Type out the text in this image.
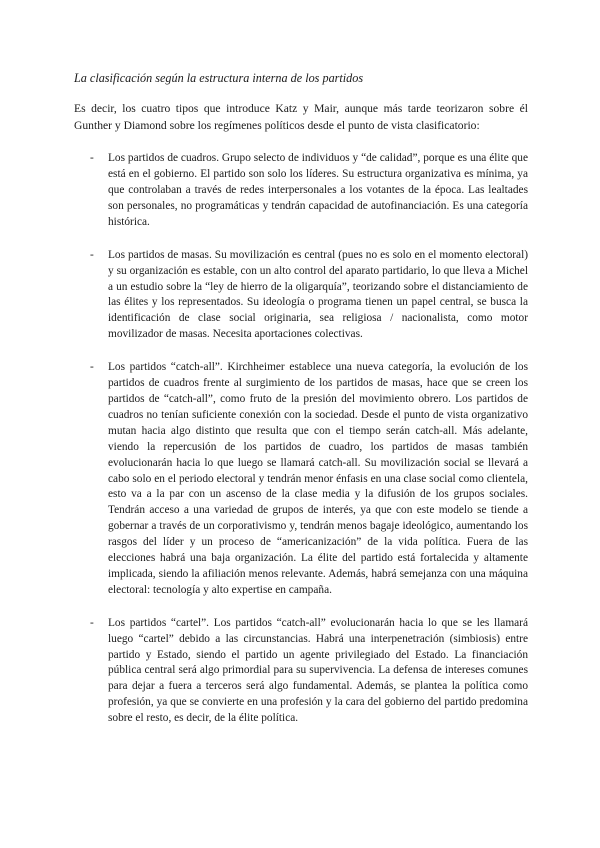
La clasificación según la estructura interna de los partidos

Es decir, los cuatro tipos que introduce Katz y Mair, aunque más tarde teorizaron sobre él Gunther y Diamond sobre los regímenes políticos desde el punto de vista clasificatorio:

- Los partidos de cuadros. Grupo selecto de individuos y “de calidad”, porque es una élite que está en el gobierno. El partido son solo los líderes. Su estructura organizativa es mínima, ya que controlaban a través de redes interpersonales a los votantes de la época. Las lealtades son personales, no programáticas y tendrán capacidad de autofinanciación. Es una categoría histórica.
- Los partidos de masas. Su movilización es central (pues no es solo en el momento electoral) y su organización es estable, con un alto control del aparato partidario, lo que lleva a Michel a un estudio sobre la “ley de hierro de la oligarquía”, teorizando sobre el distanciamiento de las élites y los representados. Su ideología o programa tienen un papel central, se busca la identificación de clase social originaria, sea religiosa / nacionalista, como motor movilizador de masas. Necesita aportaciones colectivas.
- Los partidos “catch-all”. Kirchheimer establece una nueva categoría, la evolución de los partidos de cuadros frente al surgimiento de los partidos de masas, hace que se creen los partidos de “catch-all”, como fruto de la presión del movimiento obrero. Los partidos de cuadros no tenían suficiente conexión con la sociedad. Desde el punto de vista organizativo mutan hacia algo distinto que resulta que con el tiempo serán catch-all. Más adelante, viendo la repercusión de los partidos de cuadro, los partidos de masas también evolucionarán hacia lo que luego se llamará catch-all. Su movilización social se llevará a cabo solo en el periodo electoral y tendrán menor énfasis en una clase social como clientela, esto va a la par con un ascenso de la clase media y la difusión de los grupos sociales. Tendrán acceso a una variedad de grupos de interés, ya que con este modelo se tiende a gobernar a través de un corporativismo y, tendrán menos bagaje ideológico, aumentando los rasgos del líder y un proceso de “americanización” de la vida política. Fuera de las elecciones habrá una baja organización. La élite del partido está fortalecida y altamente implicada, siendo la afiliación menos relevante. Además, habrá semejanza con una máquina electoral: tecnología y alto expertise en campaña.
- Los partidos “cartel”. Los partidos “catch-all” evolucionarán hacia lo que se les llamará luego “cartel” debido a las circunstancias. Habrá una interpenetración (simbiosis) entre partido y Estado, siendo el partido un agente privilegiado del Estado. La financiación pública central será algo primordial para su supervivencia. La defensa de intereses comunes para dejar a fuera a terceros será algo fundamental. Además, se plantea la política como profesión, ya que se convierte en una profesión y la cara del gobierno del partido predomina sobre el resto, es decir, de la élite política.
